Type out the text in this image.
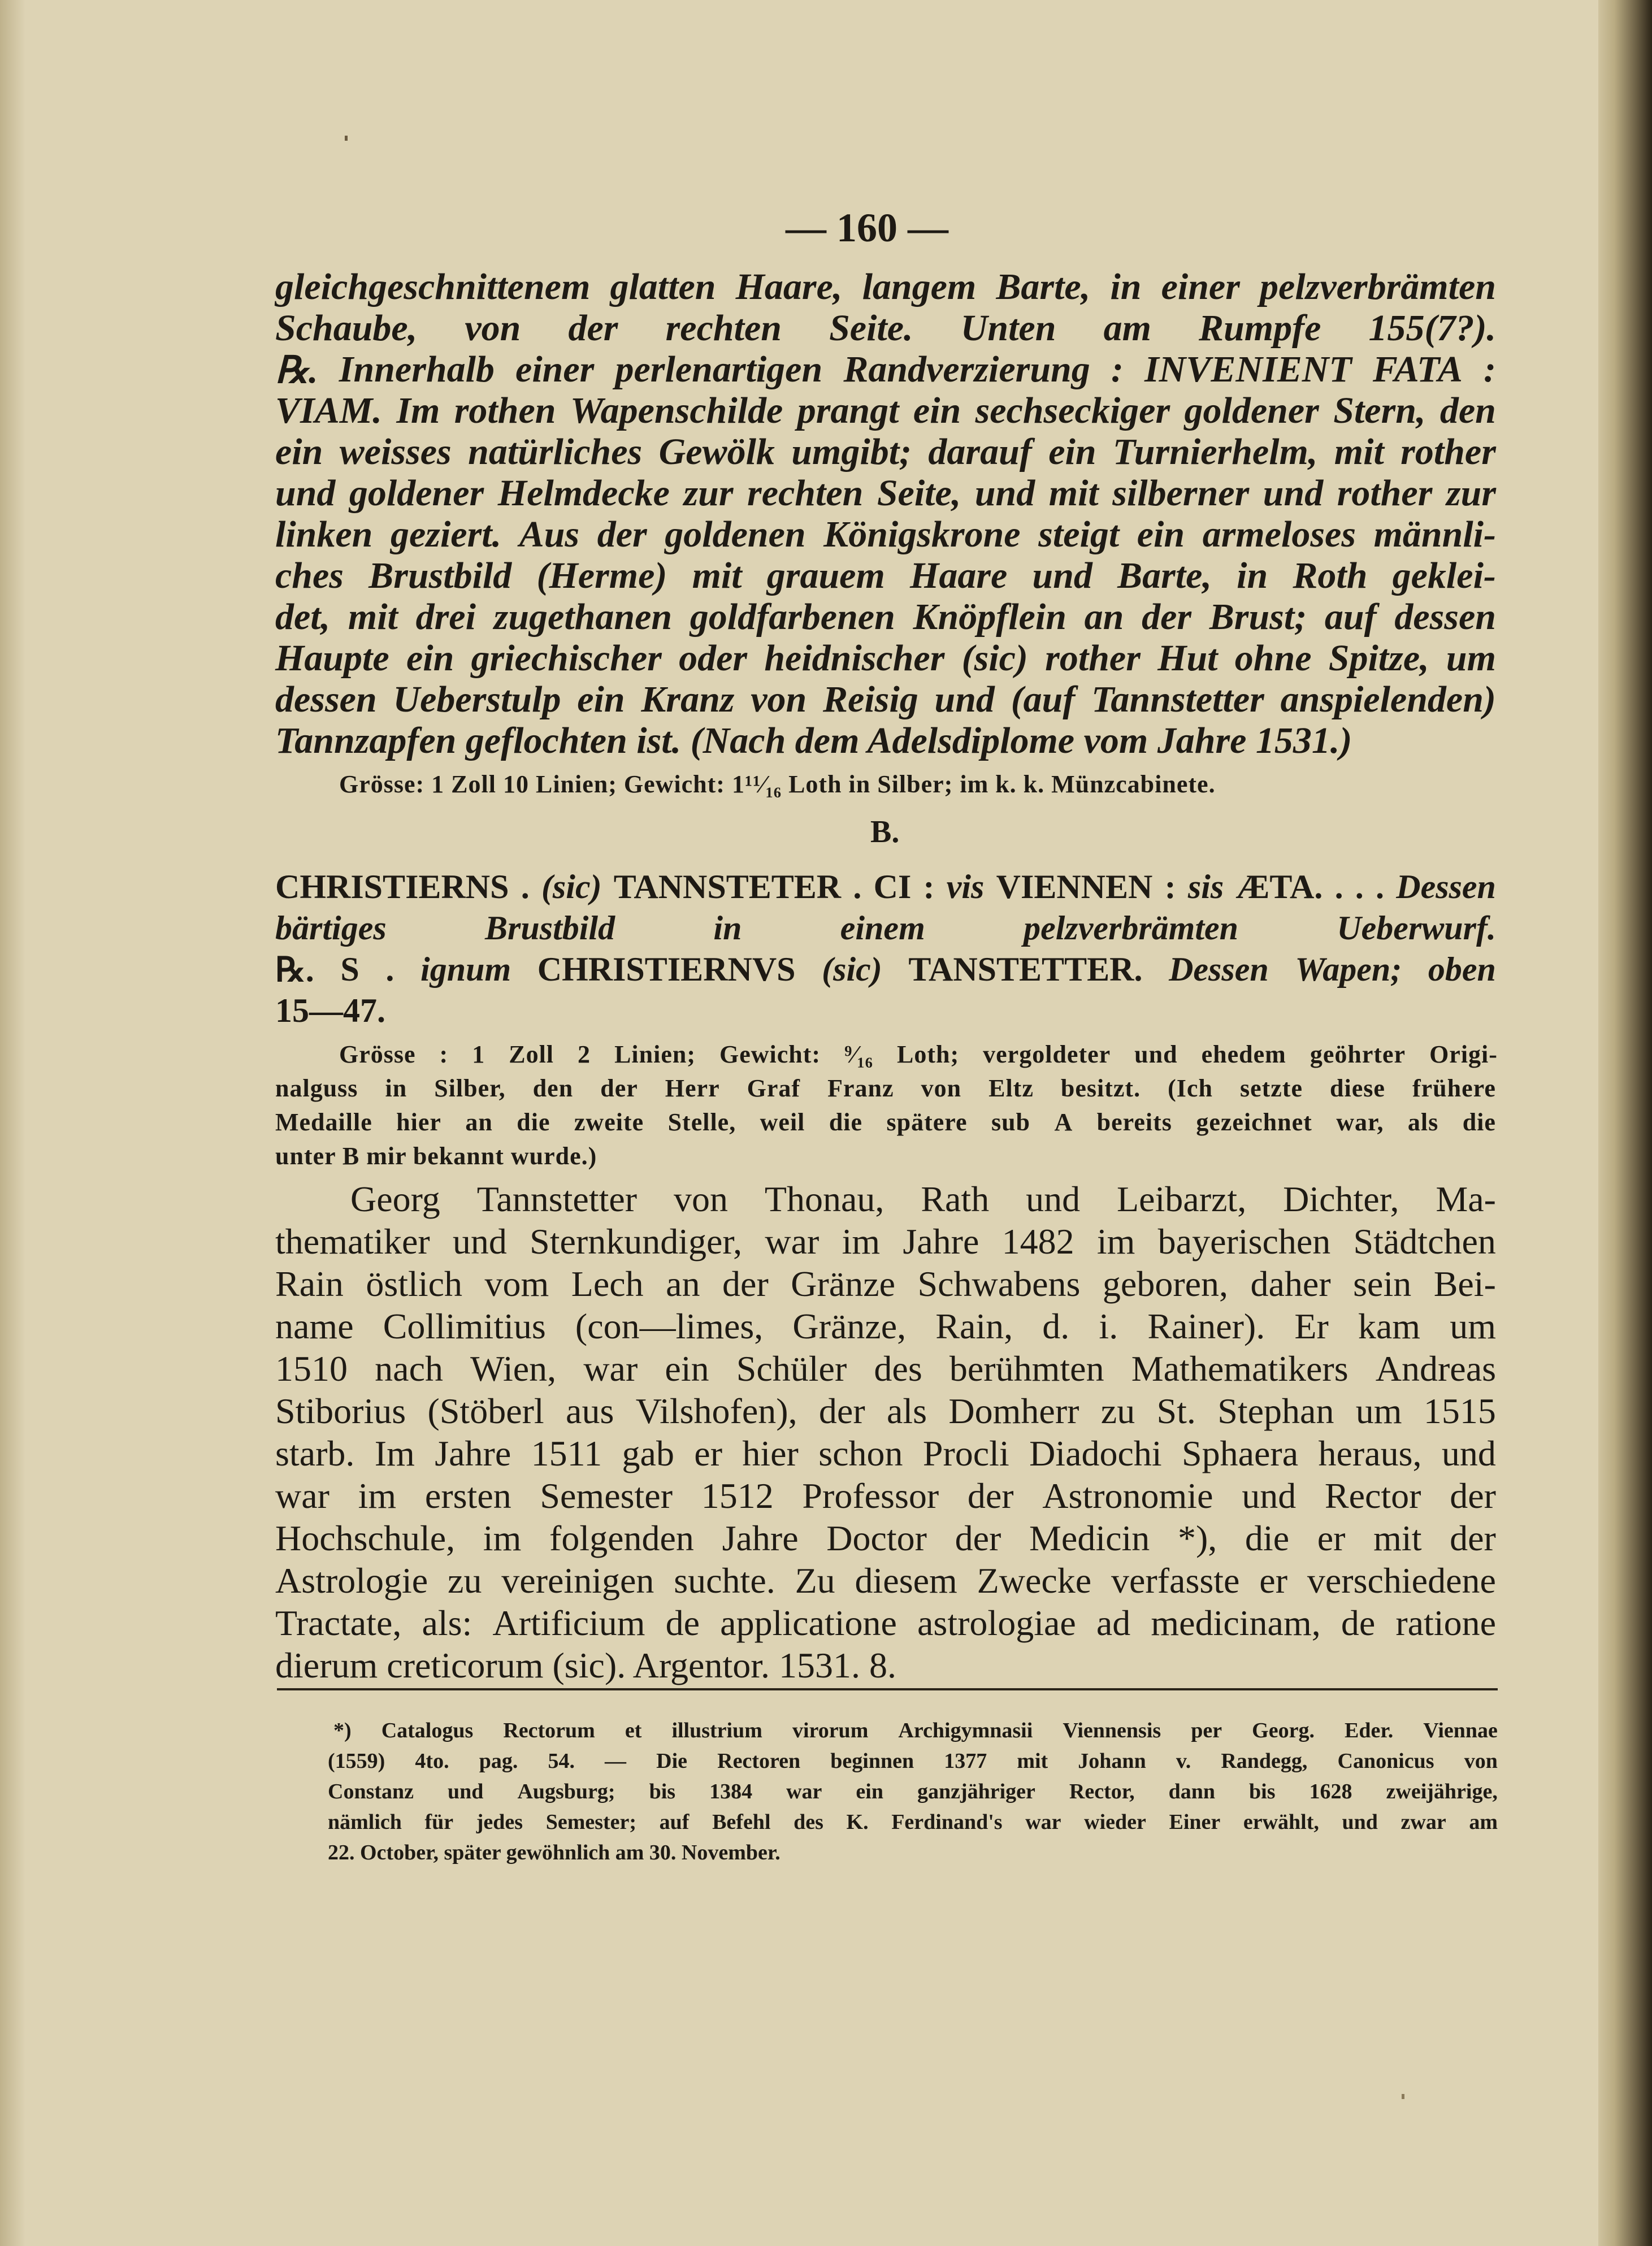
— 160 —
gleichgeschnittenem glatten Haare, langem Barte, in einer pelzverbrämten
Schaube, von der rechten Seite. Unten am Rumpfe 155(7?).
℞. Innerhalb einer perlenartigen Randverzierung : INVENIENT FATA :
VIAM. Im rothen Wapenschilde prangt ein sechseckiger goldener Stern, den
ein weisses natürliches Gewölk umgibt; darauf ein Turnierhelm, mit rother
und goldener Helmdecke zur rechten Seite, und mit silberner und rother zur
linken geziert. Aus der goldenen Königskrone steigt ein armeloses männli-
ches Brustbild (Herme) mit grauem Haare und Barte, in Roth geklei-
det, mit drei zugethanen goldfarbenen Knöpflein an der Brust; auf dessen
Haupte ein griechischer oder heidnischer (sic) rother Hut ohne Spitze, um
dessen Ueberstulp ein Kranz von Reisig und (auf Tannstetter anspielenden)
Tannzapfen geflochten ist. (Nach dem Adelsdiplome vom Jahre 1531.)
Grösse: 1 Zoll 10 Linien; Gewicht: 1¹¹⁄₁₆ Loth in Silber; im k. k. Münzcabinete.
B.
CHRISTIERNS . (sic) TANNSTETER . CI : vis VIENNEN : sis ÆTA. . . . Dessen
bärtiges	Brustbild	in	einem	pelzverbrämten	Ueberwurf.
℞. S . ignum CHRISTIERNVS (sic) TANSTETTER. Dessen Wapen; oben
15—47.
Grösse : 1 Zoll 2 Linien; Gewicht: ⁹⁄₁₆ Loth; vergoldeter und ehedem geöhrter Origi-
nalguss in Silber, den der Herr Graf Franz von Eltz besitzt. (Ich setzte diese frühere
Medaille hier an die zweite Stelle, weil die spätere sub A bereits gezeichnet war, als die
unter B mir bekannt wurde.)
Georg Tannstetter von Thonau, Rath und Leibarzt, Dichter, Ma-
thematiker und Sternkundiger, war im Jahre 1482 im bayerischen Städtchen
Rain östlich vom Lech an der Gränze Schwabens geboren, daher sein Bei-
name Collimitius (con—limes, Gränze, Rain, d. i. Rainer). Er kam um
1510 nach Wien, war ein Schüler des berühmten Mathematikers Andreas
Stiborius (Stöberl aus Vilshofen), der als Domherr zu St. Stephan um 1515
starb. Im Jahre 1511 gab er hier schon Procli Diadochi Sphaera heraus, und
war im ersten Semester 1512 Professor der Astronomie und Rector der
Hochschule, im folgenden Jahre Doctor der Medicin *), die er mit der
Astrologie zu vereinigen suchte. Zu diesem Zwecke verfasste er verschiedene
Tractate, als: Artificium de applicatione astrologiae ad medicinam, de ratione
dierum creticorum (sic). Argentor. 1531. 8.
*) Catalogus Rectorum et illustrium virorum Archigymnasii Viennensis per Georg. Eder. Viennae
(1559) 4to. pag. 54. — Die Rectoren beginnen 1377 mit Johann v. Randegg, Canonicus von
Constanz und Augsburg; bis 1384 war ein ganzjähriger Rector, dann bis 1628 zweijährige,
nämlich für jedes Semester; auf Befehl des K. Ferdinand's war wieder Einer erwählt, und zwar am
22. October, später gewöhnlich am 30. November.
